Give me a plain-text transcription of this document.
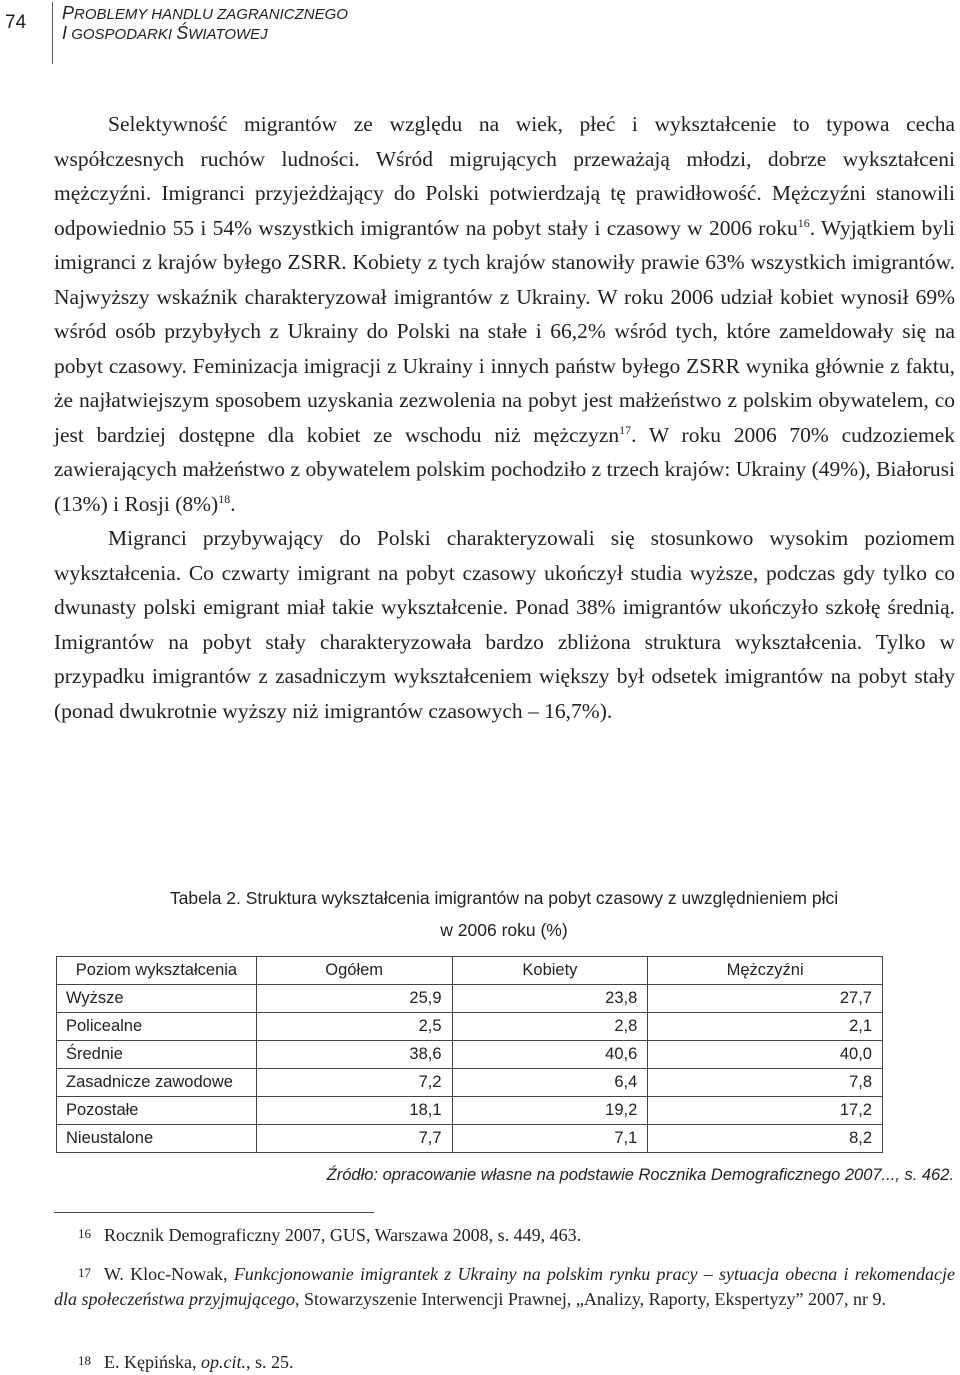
74 PROBLEMY HANDLU ZAGRANICZNEGO
I GOSPODARKI ŚWIATOWEJ

Selektywność migrantów ze względu na wiek, płeć i wykształcenie to typowa cecha współczesnych ruchów ludności. Wśród migrujących przeważają młodzi, dobrze wykształceni mężczyźni. Imigranci przyjeżdżający do Polski potwierdzają tę prawidłowość. Mężczyźni stanowili odpowiednio 55 i 54% wszystkich imigrantów na pobyt stały i czasowy w 2006 roku$^{16}$. Wyjątkiem byli imigranci z krajów byłego ZSRR. Kobiety z tych krajów stanowiły prawie 63% wszystkich imigrantów. Najwyższy wskaźnik charakteryzował imigrantów z Ukrainy. W roku 2006 udział kobiet wynosił 69% wśród osób przybyłych z Ukrainy do Polski na stałe i 66,2% wśród tych, które zameldowały się na pobyt czasowy. Feminizacja imigracji z Ukrainy i innych państw byłego ZSRR wynika głównie z faktu, że najłatwiejszym sposobem uzyskania zezwolenia na pobyt jest małżeństwo z polskim obywatelem, co jest bardziej dostępne dla kobiet ze wschodu niż mężczyzn$^{17}$. W roku 2006 70% cudzoziemek zawierających małżeństwo z obywatelem polskim pochodziło z trzech krajów: Ukrainy (49%), Białorusi (13%) i Rosji $(8\%)^{18}$.

Migranci przybywający do Polski charakteryzowali się stosunkowo wysokim poziomem wykształcenia. Co czwarty imigrant na pobyt czasowy ukończył studia wyższe, podczas gdy tylko co dwunasty polski emigrant miał takie wykształcenie. Ponad 38% imigrantów ukończyło szkołę średnią. Imigrantów na pobyt stały charakteryzowała bardzo zbliżona struktura wykształcenia. Tylko w przypadku imigrantów z zasadniczym wykształceniem większy był odsetek imigrantów na pobyt stały (ponad dwukrotnie wyższy niż imigrantów czasowych – 16,7%).

Tabela 2. Struktura wykształcenia imigrantów na pobyt czasowy z uwzględnieniem płci
w 2006 roku (%)
Poziom wykształcenia	Ogółem	Kobiety	Mężczyźni
Wyższe	25,9	23,8	27,7
Policealne	2,5	2,8	2,1
Średnie	38,6	40,6	40,0
Zasadnicze zawodowe	7,2	6,4	7,8
Pozostałe	18,1	19,2	17,2
Nieustalone	7,7	7,1	8,2
Źródło: opracowanie własne na podstawie Rocznika Demograficznego 2007..., s. 462.
16 Rocznik Demograficzny 2007, GUS, Warszawa 2008, s. 449, 463.
17 W. Kloc-Nowak, Funkcjonowanie imigrantek z Ukrainy na polskim rynku pracy – sytuacja obecna i rekomendacje dla społeczeństwa przyjmującego, Stowarzyszenie Interwencji Prawnej, „Analizy, Raporty, Ekspertyzy” 2007, nr 9.
18 E. Kępińska, op.cit., s. 25.
